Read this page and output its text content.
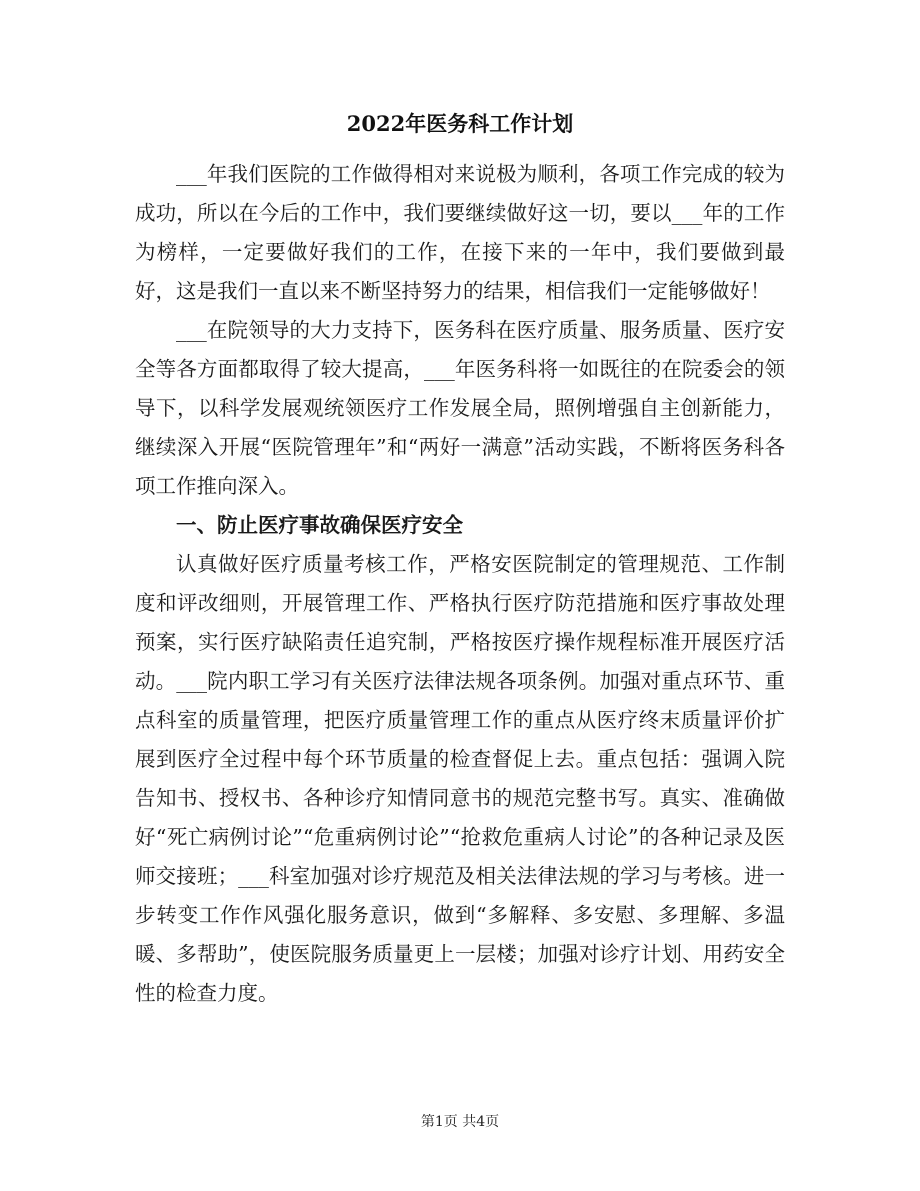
2022年医务科工作计划

___年我们医院的工作做得相对来说极为顺利，各项工作完成的较为成功，所以在今后的工作中，我们要继续做好这一切，要以___年的工作为榜样，一定要做好我们的工作，在接下来的一年中，我们要做到最好，这是我们一直以来不断坚持努力的结果，相信我们一定能够做好！

___在院领导的大力支持下，医务科在医疗质量、服务质量、医疗安全等各方面都取得了较大提高，___年医务科将一如既往的在院委会的领导下，以科学发展观统领医疗工作发展全局，照例增强自主创新能力，继续深入开展“医院管理年”和“两好一满意”活动实践，不断将医务科各项工作推向深入。

一、防止医疗事故确保医疗安全

认真做好医疗质量考核工作，严格安医院制定的管理规范、工作制度和评改细则，开展管理工作、严格执行医疗防范措施和医疗事故处理预案，实行医疗缺陷责任追究制，严格按医疗操作规程标准开展医疗活动。___院内职工学习有关医疗法律法规各项条例。加强对重点环节、重点科室的质量管理，把医疗质量管理工作的重点从医疗终末质量评价扩展到医疗全过程中每个环节质量的检查督促上去。重点包括：强调入院告知书、授权书、各种诊疗知情同意书的规范完整书写。真实、准确做好“死亡病例讨论”“危重病例讨论”“抢救危重病人讨论”的各种记录及医师交接班；___科室加强对诊疗规范及相关法律法规的学习与考核。进一步转变工作作风强化服务意识，做到“多解释、多安慰、多理解、多温暖、多帮助”，使医院服务质量更上一层楼；加强对诊疗计划、用药安全性的检查力度。

第1页 共4页
